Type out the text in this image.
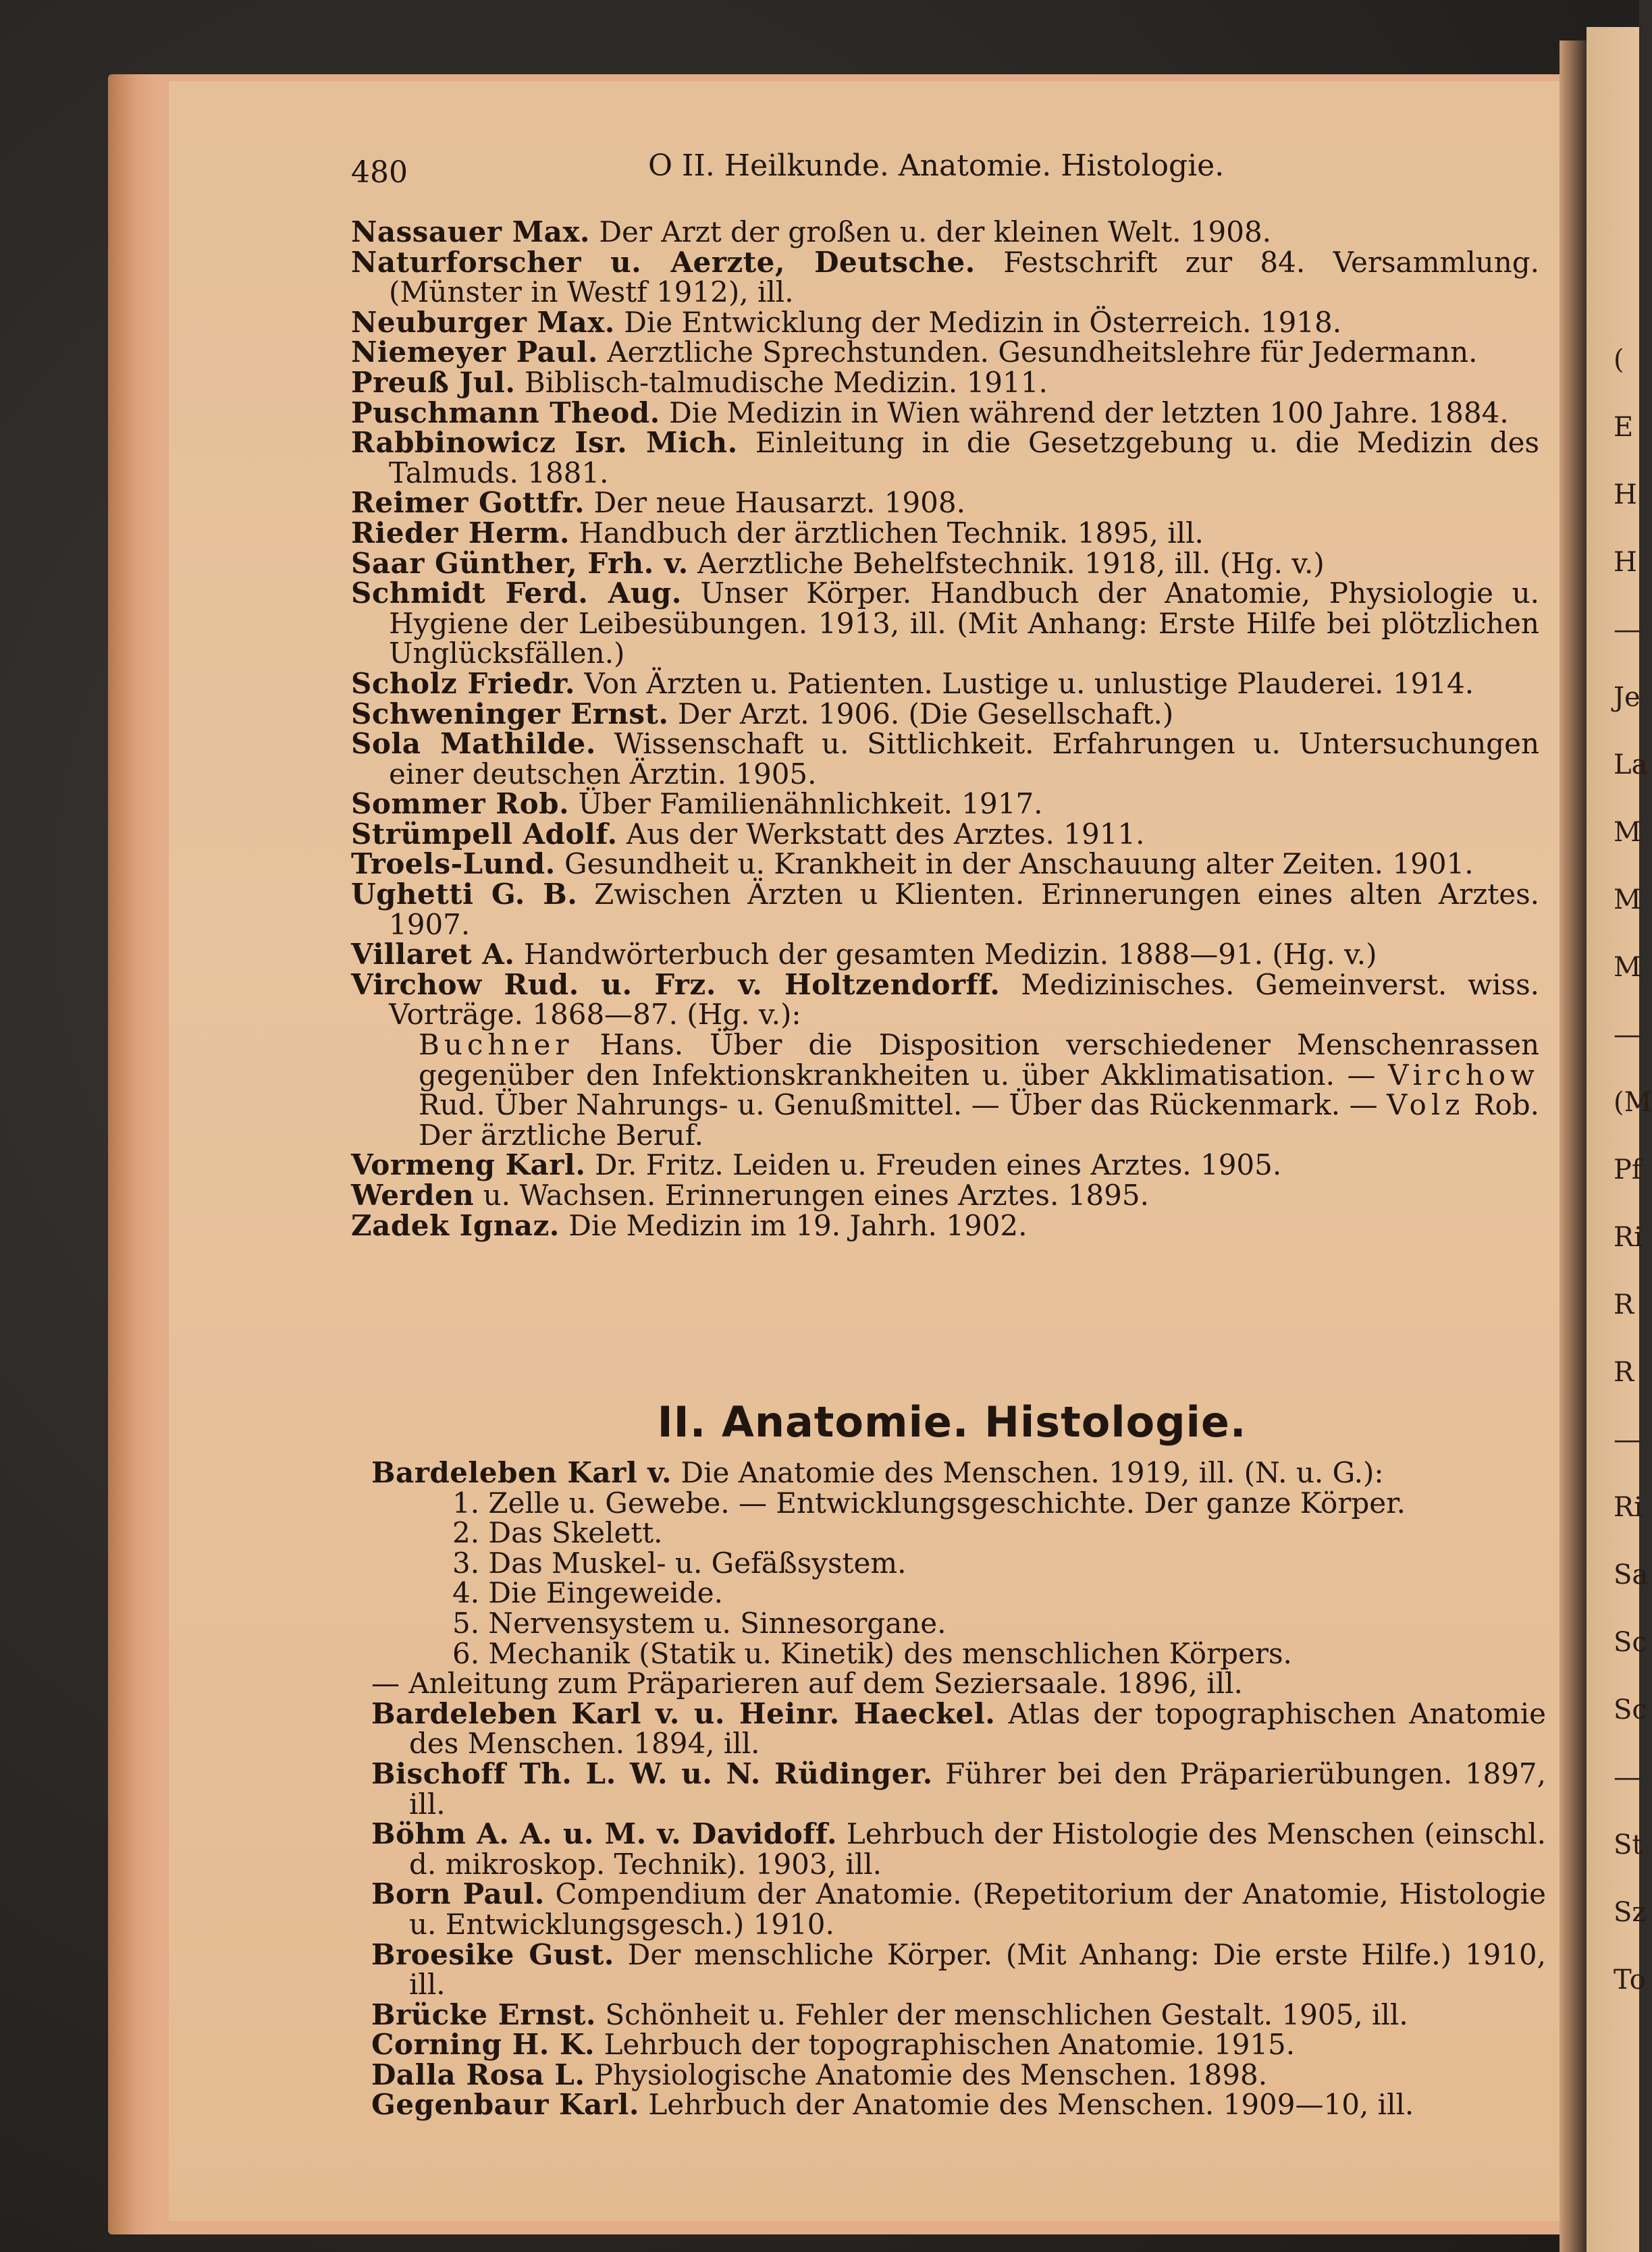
(
E
H
H
—
Je
La
M
M
M
—
(M
Pf
Ri
R
R
—
Ri
Sa
Sc
Sc
—
St
Sz
To
480	O II. Heilkunde. Anatomie. Histologie.

Nassauer Max. Der Arzt der großen u. der kleinen Welt. 1908.

Naturforscher u. Aerzte, Deutsche. Festschrift zur 84. Versammlung. (Münster in Westf 1912), ill.

Neuburger Max. Die Entwicklung der Medizin in Österreich. 1918.

Niemeyer Paul. Aerztliche Sprechstunden. Gesundheitslehre für Jedermann.

Preuß Jul. Biblisch-talmudische Medizin. 1911.

Puschmann Theod. Die Medizin in Wien während der letzten 100 Jahre. 1884.

Rabbinowicz Isr. Mich. Einleitung in die Gesetzgebung u. die Medizin des Talmuds. 1881.

Reimer Gottfr. Der neue Hausarzt. 1908.

Rieder Herm. Handbuch der ärztlichen Technik. 1895, ill.

Saar Günther, Frh. v. Aerztliche Behelfstechnik. 1918, ill. (Hg. v.)

Schmidt Ferd. Aug. Unser Körper. Handbuch der Anatomie, Physiologie u. Hygiene der Leibesübungen. 1913, ill. (Mit Anhang: Erste Hilfe bei plötzlichen Unglücksfällen.)

Scholz Friedr. Von Ärzten u. Patienten. Lustige u. unlustige Plauderei. 1914.

Schweninger Ernst. Der Arzt. 1906. (Die Gesellschaft.)

Sola Mathilde. Wissenschaft u. Sittlichkeit. Erfahrungen u. Untersuchungen einer deutschen Ärztin. 1905.

Sommer Rob. Über Familienähnlichkeit. 1917.

Strümpell Adolf. Aus der Werkstatt des Arztes. 1911.

Troels-Lund. Gesundheit u. Krankheit in der Anschauung alter Zeiten. 1901.

Ughetti G. B. Zwischen Ärzten u Klienten. Erinnerungen eines alten Arztes. 1907.

Villaret A. Handwörterbuch der gesamten Medizin. 1888—91. (Hg. v.)

Virchow Rud. u. Frz. v. Holtzendorff. Medizinisches. Gemeinverst. wiss. Vorträge. 1868—87. (Hg. v.):

Buchner Hans. Über die Disposition verschiedener Menschenrassen gegenüber den Infektionskrankheiten u. über Akklimatisation. — Virchow Rud. Über Nahrungs- u. Genußmittel. — Über das Rückenmark. — Volz Rob. Der ärztliche Beruf.

Vormeng Karl. Dr. Fritz. Leiden u. Freuden eines Arztes. 1905.

Werden u. Wachsen. Erinnerungen eines Arztes. 1895.

Zadek Ignaz. Die Medizin im 19. Jahrh. 1902.

II. Anatomie. Histologie.

Bardeleben Karl v. Die Anatomie des Menschen. 1919, ill. (N. u. G.):

1. Zelle u. Gewebe. — Entwicklungsgeschichte. Der ganze Körper.

2. Das Skelett.

3. Das Muskel- u. Gefäßsystem.

4. Die Eingeweide.

5. Nervensystem u. Sinnesorgane.

6. Mechanik (Statik u. Kinetik) des menschlichen Körpers.

— Anleitung zum Präparieren auf dem Seziersaale. 1896, ill.

Bardeleben Karl v. u. Heinr. Haeckel. Atlas der topographischen Anatomie des Menschen. 1894, ill.

Bischoff Th. L. W. u. N. Rüdinger. Führer bei den Präparierübungen. 1897, ill.

Böhm A. A. u. M. v. Davidoff. Lehrbuch der Histologie des Menschen (einschl. d. mikroskop. Technik). 1903, ill.

Born Paul. Compendium der Anatomie. (Repetitorium der Anatomie, Histologie u. Entwicklungsgesch.) 1910.

Broesike Gust. Der menschliche Körper. (Mit Anhang: Die erste Hilfe.) 1910, ill.

Brücke Ernst. Schönheit u. Fehler der menschlichen Gestalt. 1905, ill.

Corning H. K. Lehrbuch der topographischen Anatomie. 1915.

Dalla Rosa L. Physiologische Anatomie des Menschen. 1898.

Gegenbaur Karl. Lehrbuch der Anatomie des Menschen. 1909—10, ill.
